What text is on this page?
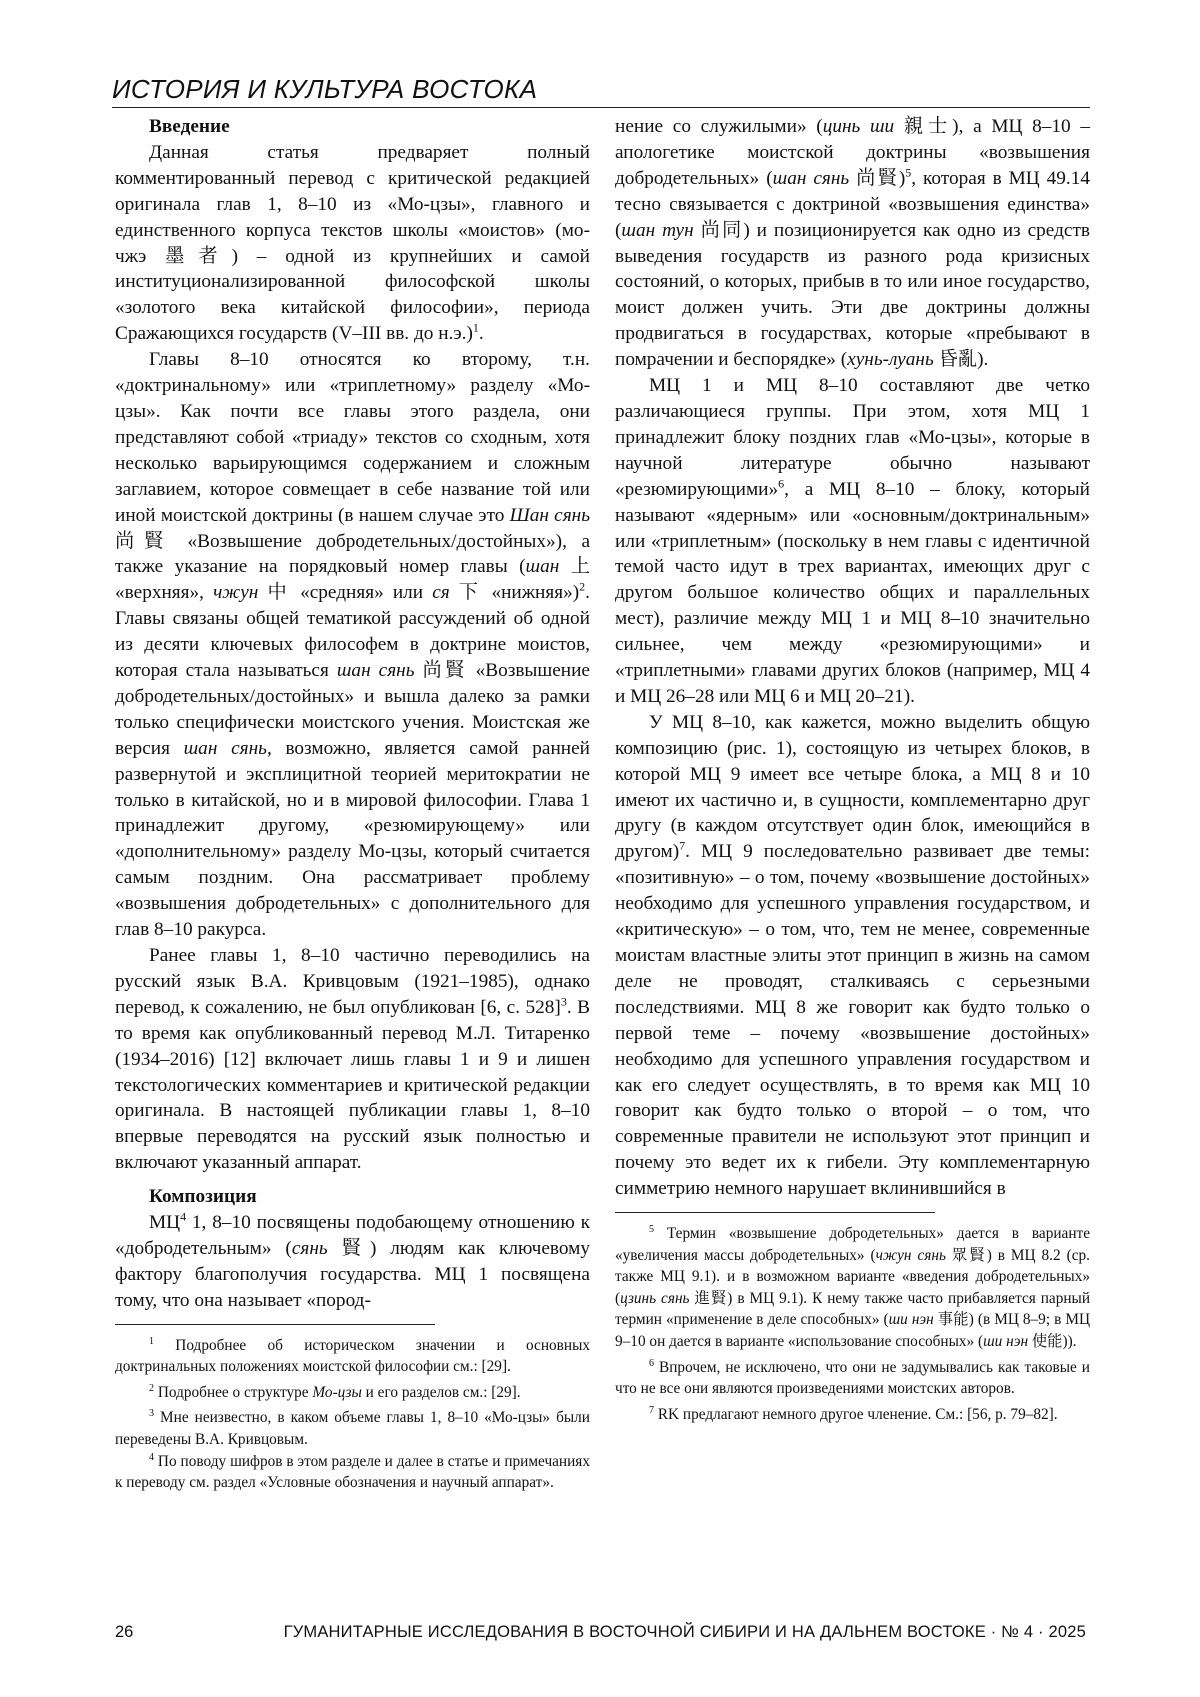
ИСТОРИЯ И КУЛЬТУРА ВОСТОКА
Введение

Данная статья предваряет полный комментированный перевод с критической редакцией оригинала глав 1, 8–10 из «Мо-цзы», главного и единственного корпуса текстов школы «моистов» (мо-чжэ 墨者) – одной из крупнейших и самой институционализированной философской школы «золотого века китайской философии», периода Сражающихся государств (V–III вв. до н.э.)$^1$.

Главы 8–10 относятся ко второму, т.н. «доктринальному» или «триплетному» разделу «Мо-цзы». Как почти все главы этого раздела, они представляют собой «триаду» текстов со сходным, хотя несколько варьирующимся содержанием и сложным заглавием, которое совмещает в себе название той или иной моистской доктрины (в нашем случае это Шан сянь 尚賢 «Возвышение добродетельных/достойных»), а также указание на порядковый номер главы (шан 上 «верхняя», чжун 中 «средняя» или ся 下 «нижняя»)$^2$. Главы связаны общей тематикой рассуждений об одной из десяти ключевых философем в доктрине моистов, которая стала называться шан сянь 尚賢 «Возвышение добродетельных/достойных» и вышла далеко за рамки только специфически моистского учения. Моистская же версия шан сянь, возможно, является самой ранней развернутой и эксплицитной теорией меритократии не только в китайской, но и в мировой философии. Глава 1 принадлежит другому, «резюмирующему» или «дополнительному» разделу Мо-цзы, который считается самым поздним. Она рассматривает проблему «возвышения добродетельных» с дополнительного для глав 8–10 ракурса.

Ранее главы 1, 8–10 частично переводились на русский язык В.А. Кривцовым (1921–1985), однако перевод, к сожалению, не был опубликован [6, с. 528]$^3$. В то время как опубликованный перевод М.Л. Титаренко (1934–2016) [12] включает лишь главы 1 и 9 и лишен текстологических комментариев и критической редакции оригинала. В настоящей публикации главы 1, 8–10 впервые переводятся на русский язык полностью и включают указанный аппарат.

Композиция

$МЦ^4$ 1, 8–10 посвящены подобающему отношению к «добродетельным» (сянь 賢) людям как ключевому фактору благополучия государства. МЦ 1 посвящена тому, что она называет «пород-

$^1$ Подробнее об историческом значении и основных доктринальных положениях моистской философии см.: [29].

$^2$ Подробнее о структуре Мо-цзы и его разделов см.: [29].

$^3$ Мне неизвестно, в каком объеме главы 1, 8–10 «Мо-цзы» были переведены В.А. Кривцовым.

$^4$ По поводу шифров в этом разделе и далее в статье и примечаниях к переводу см. раздел «Условные обозначения и научный аппарат».

нение со служилыми» (цинь ши 親士), а МЦ 8–10 – апологетике моистской доктрины «возвышения добродетельных» (шан сянь 尚賢)$^5$, которая в МЦ 49.14 тесно связывается с доктриной «возвышения единства» (шан тун 尚同) и позиционируется как одно из средств выведения государств из разного рода кризисных состояний, о которых, прибыв в то или иное государство, моист должен учить. Эти две доктрины должны продвигаться в государствах, которые «пребывают в помрачении и беспорядке» (хунь-луань 昏亂).

МЦ 1 и МЦ 8–10 составляют две четко различающиеся группы. При этом, хотя МЦ 1 принадлежит блоку поздних глав «Мо-цзы», которые в научной литературе обычно называют «резюмирующими»$^6$, а МЦ 8–10 – блоку, который называют «ядерным» или «основным/доктринальным» или «триплетным» (поскольку в нем главы с идентичной темой часто идут в трех вариантах, имеющих друг с другом большое количество общих и параллельных мест), различие между МЦ 1 и МЦ 8–10 значительно сильнее, чем между «резюмирующими» и «триплетными» главами других блоков (например, МЦ 4 и МЦ 26–28 или МЦ 6 и МЦ 20–21).

У МЦ 8–10, как кажется, можно выделить общую композицию (рис. 1), состоящую из четырех блоков, в которой МЦ 9 имеет все четыре блока, а МЦ 8 и 10 имеют их частично и, в сущности, комплементарно друг другу (в каждом отсутствует один блок, имеющийся в другом)$^7$. МЦ 9 последовательно развивает две темы: «позитивную» – о том, почему «возвышение достойных» необходимо для успешного управления государством, и «критическую» – о том, что, тем не менее, современные моистам властные элиты этот принцип в жизнь на самом деле не проводят, сталкиваясь с серьезными последствиями. МЦ 8 же говорит как будто только о первой теме – почему «возвышение достойных» необходимо для успешного управления государством и как его следует осуществлять, в то время как МЦ 10 говорит как будто только о второй – о том, что современные правители не используют этот принцип и почему это ведет их к гибели. Эту комплементарную симметрию немного нарушает вклинившийся в

$^5$ Термин «возвышение добродетельных» дается в варианте «увеличения массы добродетельных» (чжун сянь 眾賢) в МЦ 8.2 (ср. также МЦ 9.1). и в возможном варианте «введения добродетельных» (цзинь сянь 進賢) в МЦ 9.1). К нему также часто прибавляется парный термин «применение в деле способных» (ши нэн 事能) (в МЦ 8–9; в МЦ 9–10 он дается в варианте «использование способных» (ши нэн 使能)).

$^6$ Впрочем, не исключено, что они не задумывались как таковые и что не все они являются произведениями моистских авторов.

$^7$ RK предлагают немного другое членение. См.: [56, p. 79–82].

26	ГУМАНИТАРНЫЕ ИССЛЕДОВАНИЯ В ВОСТОЧНОЙ СИБИРИ И НА ДАЛЬНЕМ ВОСТОКЕ · № 4 · 2025
